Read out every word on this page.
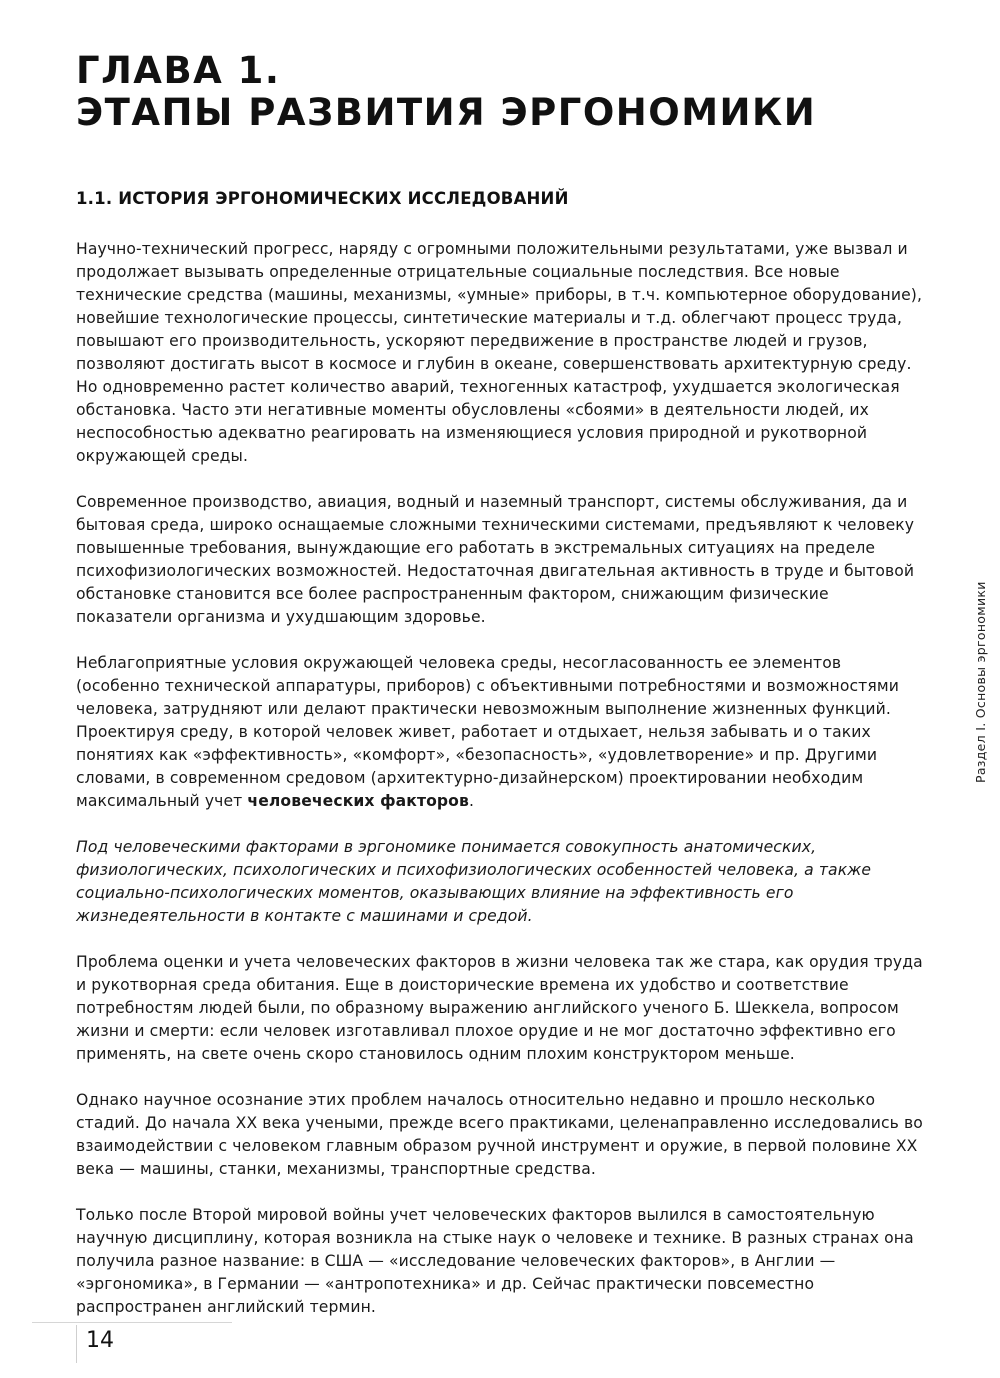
ГЛАВА 1.
ЭТАПЫ РАЗВИТИЯ ЭРГОНОМИКИ
1.1. ИСТОРИЯ ЭРГОНОМИЧЕСКИХ ИССЛЕДОВАНИЙ

Научно-технический прогресс, наряду с огромными положительными результатами, уже вызвал и продолжает вызывать определенные отрицательные социальные последствия. Все новые технические средства (машины, механизмы, «умные» приборы, в т.ч. компьютерное оборудование), новейшие технологические процессы, синтетические материалы и т.д. облегчают процесс труда, повышают его производительность, ускоряют передвижение в пространстве людей и грузов, позволяют достигать высот в космосе и глубин в океане, совершенствовать архитектурную среду. Но одновременно растет количество аварий, техногенных катастроф, ухудшается экологическая обстановка. Часто эти негативные моменты обусловлены «сбоями» в деятельности людей, их неспособностью адекватно реагировать на изменяющиеся условия природной и рукотворной окружающей среды.

Современное производство, авиация, водный и наземный транспорт, системы обслуживания, да и бытовая среда, широко оснащаемые сложными техническими системами, предъявляют к человеку повышенные требования, вынуждающие его работать в экстремальных ситуациях на пределе психофизиологических возможностей. Недостаточная двигательная активность в труде и бытовой обстановке становится все более распространенным фактором, снижающим физические показатели организма и ухудшающим здоровье.

Неблагоприятные условия окружающей человека среды, несогласованность ее элементов (особенно технической аппаратуры, приборов) с объективными потребностями и возможностями человека, затрудняют или делают практически невозможным выполнение жизненных функций. Проектируя среду, в которой человек живет, работает и отдыхает, нельзя забывать и о таких понятиях как «эффективность», «комфорт», «безопасность», «удовлетворение» и пр. Другими словами, в современном средовом (архитектурно-дизайнерском) проектировании необходим максимальный учет человеческих факторов.

Под человеческими факторами в эргономике понимается совокупность анатомических, физиологических, психологических и психофизиологических особенностей человека, а также социально-психологических моментов, оказывающих влияние на эффективность его жизнедеятельности в контакте с машинами и средой.

Проблема оценки и учета человеческих факторов в жизни человека так же стара, как орудия труда и рукотворная среда обитания. Еще в доисторические времена их удобство и соответствие потребностям людей были, по образному выражению английского ученого Б. Шеккела, вопросом жизни и смерти: если человек изготавливал плохое орудие и не мог достаточно эффективно его применять, на свете очень скоро становилось одним плохим конструктором меньше.

Однако научное осознание этих проблем началось относительно недавно и прошло несколько стадий. До начала XX века учеными, прежде всего практиками, целенаправленно исследовались во взаимодействии с человеком главным образом ручной инструмент и оружие, в первой половине XX века — машины, станки, механизмы, транспортные средства.

Только после Второй мировой войны учет человеческих факторов вылился в самостоятельную научную дисциплину, которая возникла на стыке наук о человеке и технике. В разных странах она получила разное название: в США — «исследование человеческих факторов», в Англии — «эргономика», в Германии — «антропотехника» и др. Сейчас практически повсеместно распространен английский термин.

Раздел I. Основы эргономики
14
